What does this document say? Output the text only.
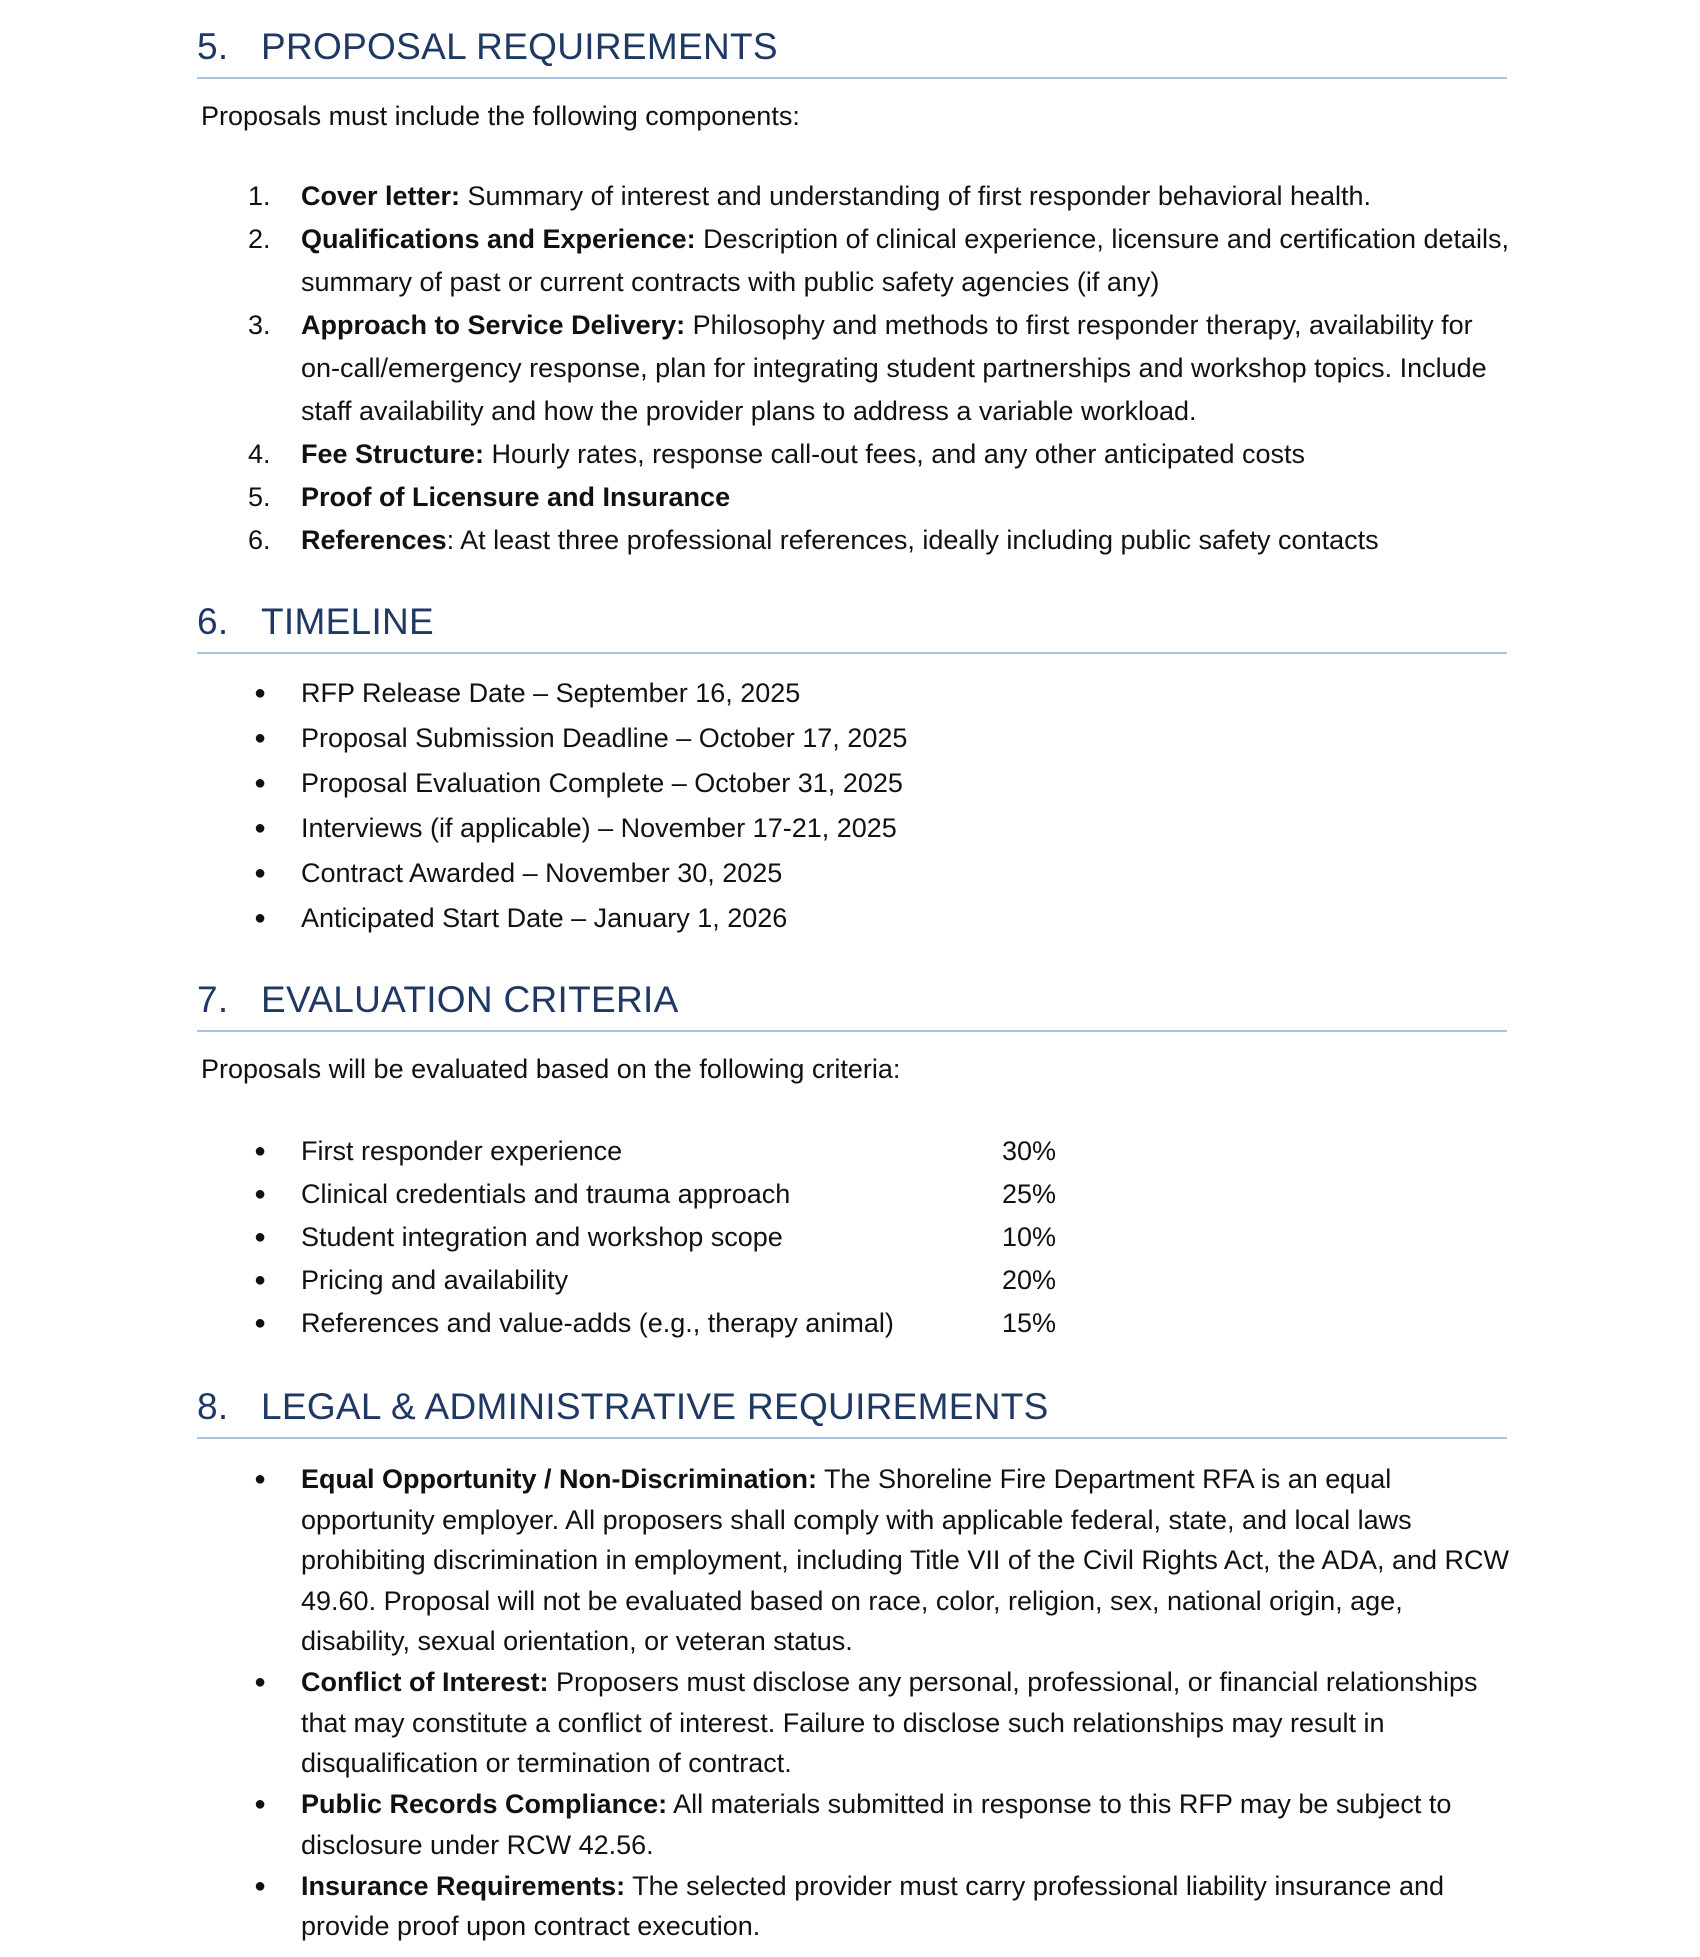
5. PROPOSAL REQUIREMENTS
Proposals must include the following components:
1.	Cover letter: Summary of interest and understanding of first responder behavioral health.
2.	Qualifications and Experience: Description of clinical experience, licensure and certification details, summary of past or current contracts with public safety agencies (if any)
3.	Approach to Service Delivery: Philosophy and methods to first responder therapy, availability for on-call/emergency response, plan for integrating student partnerships and workshop topics. Include staff availability and how the provider plans to address a variable workload.
4.	Fee Structure: Hourly rates, response call-out fees, and any other anticipated costs
5.	Proof of Licensure and Insurance
6.	References: At least three professional references, ideally including public safety contacts
6. TIMELINE
● RFP Release Date – September 16, 2025
● Proposal Submission Deadline – October 17, 2025
● Proposal Evaluation Complete – October 31, 2025
● Interviews (if applicable) – November 17-21, 2025
● Contract Awarded – November 30, 2025
● Anticipated Start Date – January 1, 2026
7. EVALUATION CRITERIA
Proposals will be evaluated based on the following criteria:
● First responder experience	30%
● Clinical credentials and trauma approach	25%
● Student integration and workshop scope	10%
● Pricing and availability	20%
● References and value-adds (e.g., therapy animal)	15%
8. LEGAL & ADMINISTRATIVE REQUIREMENTS
● Equal Opportunity / Non-Discrimination: The Shoreline Fire Department RFA is an equal opportunity employer. All proposers shall comply with applicable federal, state, and local laws prohibiting discrimination in employment, including Title VII of the Civil Rights Act, the ADA, and RCW 49.60. Proposal will not be evaluated based on race, color, religion, sex, national origin, age, disability, sexual orientation, or veteran status.
● Conflict of Interest: Proposers must disclose any personal, professional, or financial relationships that may constitute a conflict of interest. Failure to disclose such relationships may result in disqualification or termination of contract.
● Public Records Compliance: All materials submitted in response to this RFP may be subject to disclosure under RCW 42.56.
● Insurance Requirements: The selected provider must carry professional liability insurance and provide proof upon contract execution.
